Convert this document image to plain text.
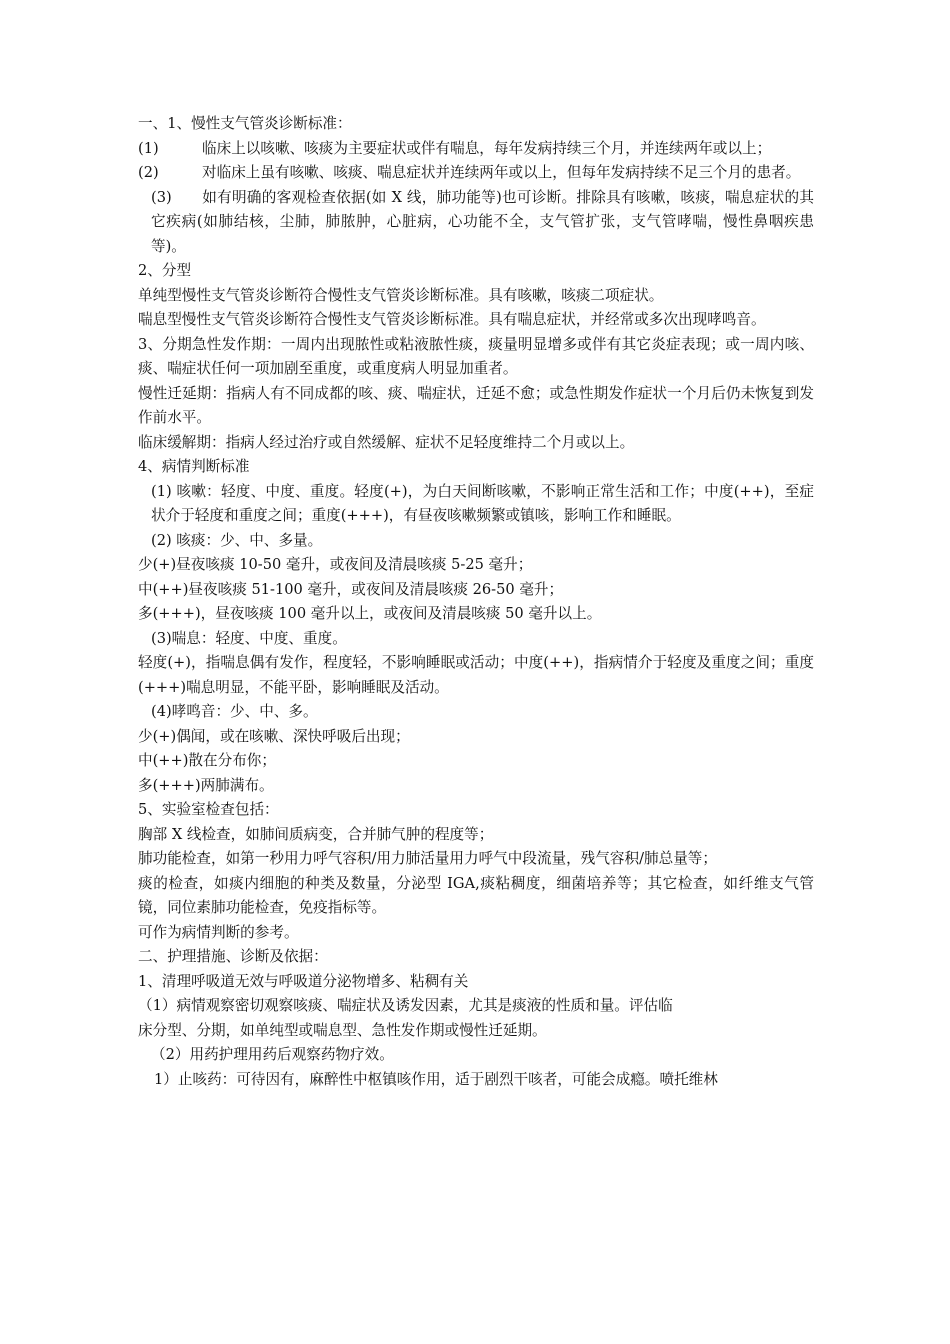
一、1、慢性支气管炎诊断标准：

(1)	临床上以咳嗽、咳痰为主要症状或伴有喘息，每年发病持续三个月，并连续两年或以上；

(2)	对临床上虽有咳嗽、咳痰、喘息症状并连续两年或以上，但每年发病持续不足三个月的患者。

(3) 如有明确的客观检查依据(如 X 线，肺功能等)也可诊断。排除具有咳嗽，咳痰，喘息症状的其它疾病(如肺结核，尘肺，肺脓肿，心脏病，心功能不全，支气管扩张，支气管哮喘，慢性鼻咽疾患等)。

2、分型

单纯型慢性支气管炎诊断符合慢性支气管炎诊断标准。具有咳嗽，咳痰二项症状。

喘息型慢性支气管炎诊断符合慢性支气管炎诊断标准。具有喘息症状，并经常或多次出现哮鸣音。

3、分期急性发作期：一周内出现脓性或粘液脓性痰，痰量明显增多或伴有其它炎症表现；或一周内咳、痰、喘症状任何一项加剧至重度，或重度病人明显加重者。

慢性迁延期：指病人有不同成都的咳、痰、喘症状，迁延不愈；或急性期发作症状一个月后仍未恢复到发作前水平。

临床缓解期：指病人经过治疗或自然缓解、症状不足轻度维持二个月或以上。

4、病情判断标准

(1) 咳嗽：轻度、中度、重度。轻度(+)，为白天间断咳嗽，不影响正常生活和工作；中度(++)，至症状介于轻度和重度之间；重度(+++)，有昼夜咳嗽频繁或镇咳，影响工作和睡眠。

(2) 咳痰：少、中、多量。

少(+)昼夜咳痰 10-50 毫升，或夜间及清晨咳痰 5-25 毫升；

中(++)昼夜咳痰 51-100 毫升，或夜间及清晨咳痰 26-50 毫升；

多(+++)，昼夜咳痰 100 毫升以上，或夜间及清晨咳痰 50 毫升以上。

(3)喘息：轻度、中度、重度。

轻度(+)，指喘息偶有发作，程度轻，不影响睡眠或活动；中度(++)，指病情介于轻度及重度之间；重度(+++)喘息明显，不能平卧，影响睡眠及活动。

(4)哮鸣音：少、中、多。

少(+)偶闻，或在咳嗽、深快呼吸后出现；

中(++)散在分布你；

多(+++)两肺满布。

5、实验室检查包括：

胸部 X 线检查，如肺间质病变，合并肺气肿的程度等；

肺功能检查，如第一秒用力呼气容积/用力肺活量用力呼气中段流量，残气容积/肺总量等；

痰的检查，如痰内细胞的种类及数量，分泌型 IGA,痰粘稠度，细菌培养等；其它检查，如纤维支气管镜，同位素肺功能检查，免疫指标等。

可作为病情判断的参考。

二、护理措施、诊断及依据：

1、清理呼吸道无效与呼吸道分泌物增多、粘稠有关

（1）病情观察密切观察咳痰、喘症状及诱发因素，尤其是痰液的性质和量。评估临

床分型、分期，如单纯型或喘息型、急性发作期或慢性迁延期。

（2）用药护理用药后观察药物疗效。

1）止咳药：可待因有，麻醉性中枢镇咳作用，适于剧烈干咳者，可能会成瘾。喷托维林
